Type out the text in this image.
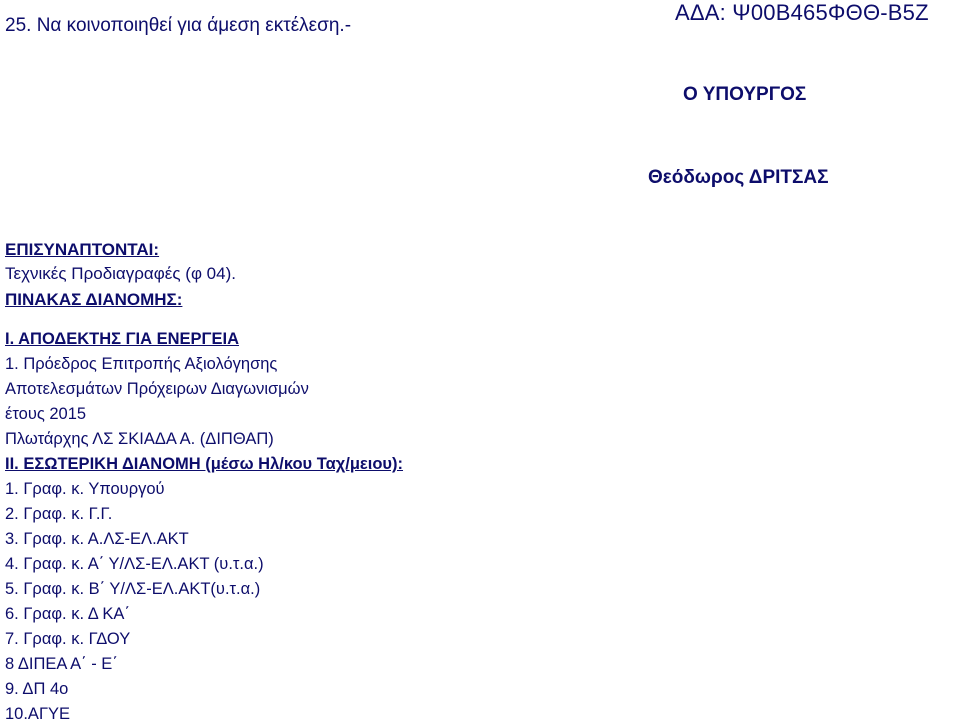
25. Να κοινοποιηθεί για άμεση εκτέλεση.-
ΑΔΑ: Ψ00Β465ΦΘΘ-Β5Ζ
Ο ΥΠΟΥΡΓΟΣ
Θεόδωρος ΔΡΙΤΣΑΣ
ΕΠΙΣΥΝΑΠΤΟΝΤΑΙ:
Τεχνικές Προδιαγραφές (φ 04).
ΠΙΝΑΚΑΣ ΔΙΑΝΟΜΗΣ:
Ι. ΑΠΟΔΕΚΤΗΣ ΓΙΑ ΕΝΕΡΓΕΙΑ
1. Πρόεδρος Επιτροπής Αξιολόγησης
Αποτελεσμάτων Πρόχειρων Διαγωνισμών
έτους 2015
Πλωτάρχης ΛΣ ΣΚΙΑΔΑ Α. (ΔΙΠΘΑΠ)
ΙΙ. ΕΣΩΤΕΡΙΚΗ ΔΙΑΝΟΜΗ (μέσω Ηλ/κου Ταχ/μειου):
1. Γραφ. κ. Υπουργού
2. Γραφ. κ. Γ.Γ.
3. Γραφ. κ. Α.ΛΣ-ΕΛ.ΑΚΤ
4. Γραφ. κ. Α΄ Υ/ΛΣ-ΕΛ.ΑΚΤ (υ.τ.α.)
5. Γραφ. κ. Β΄ Υ/ΛΣ-ΕΛ.ΑΚΤ(υ.τ.α.)
6. Γραφ. κ. Δ ΚΑ΄
7. Γραφ. κ. ΓΔΟΥ
8 ΔΙΠΕΑ Α΄ - Ε΄
9. ΔΠ 4ο
10.ΑΓΥΕ
